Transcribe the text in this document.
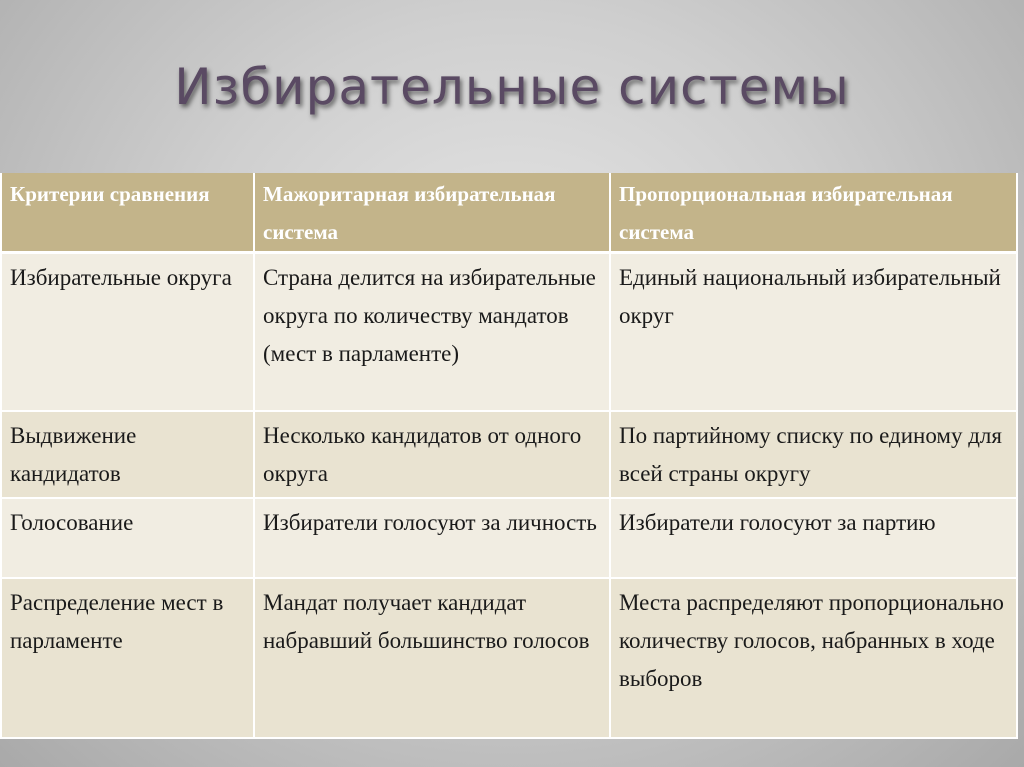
Избирательные системы
Критерии сравнения	Мажоритарная избирательная система	Пропорциональная избирательная система
Избирательные округа	Страна делится на избирательные округа по количеству мандатов (мест в парламенте)	Единый национальный избирательный округ
Выдвижение кандидатов	Несколько кандидатов от одного округа	По партийному списку по единому для всей страны округу
Голосование	Избиратели голосуют за личность	Избиратели голосуют за партию
Распределение мест в парламенте	Мандат получает кандидат набравший большинство голосов	Места распределяют пропорционально количеству голосов, набранных в ходе выборов
